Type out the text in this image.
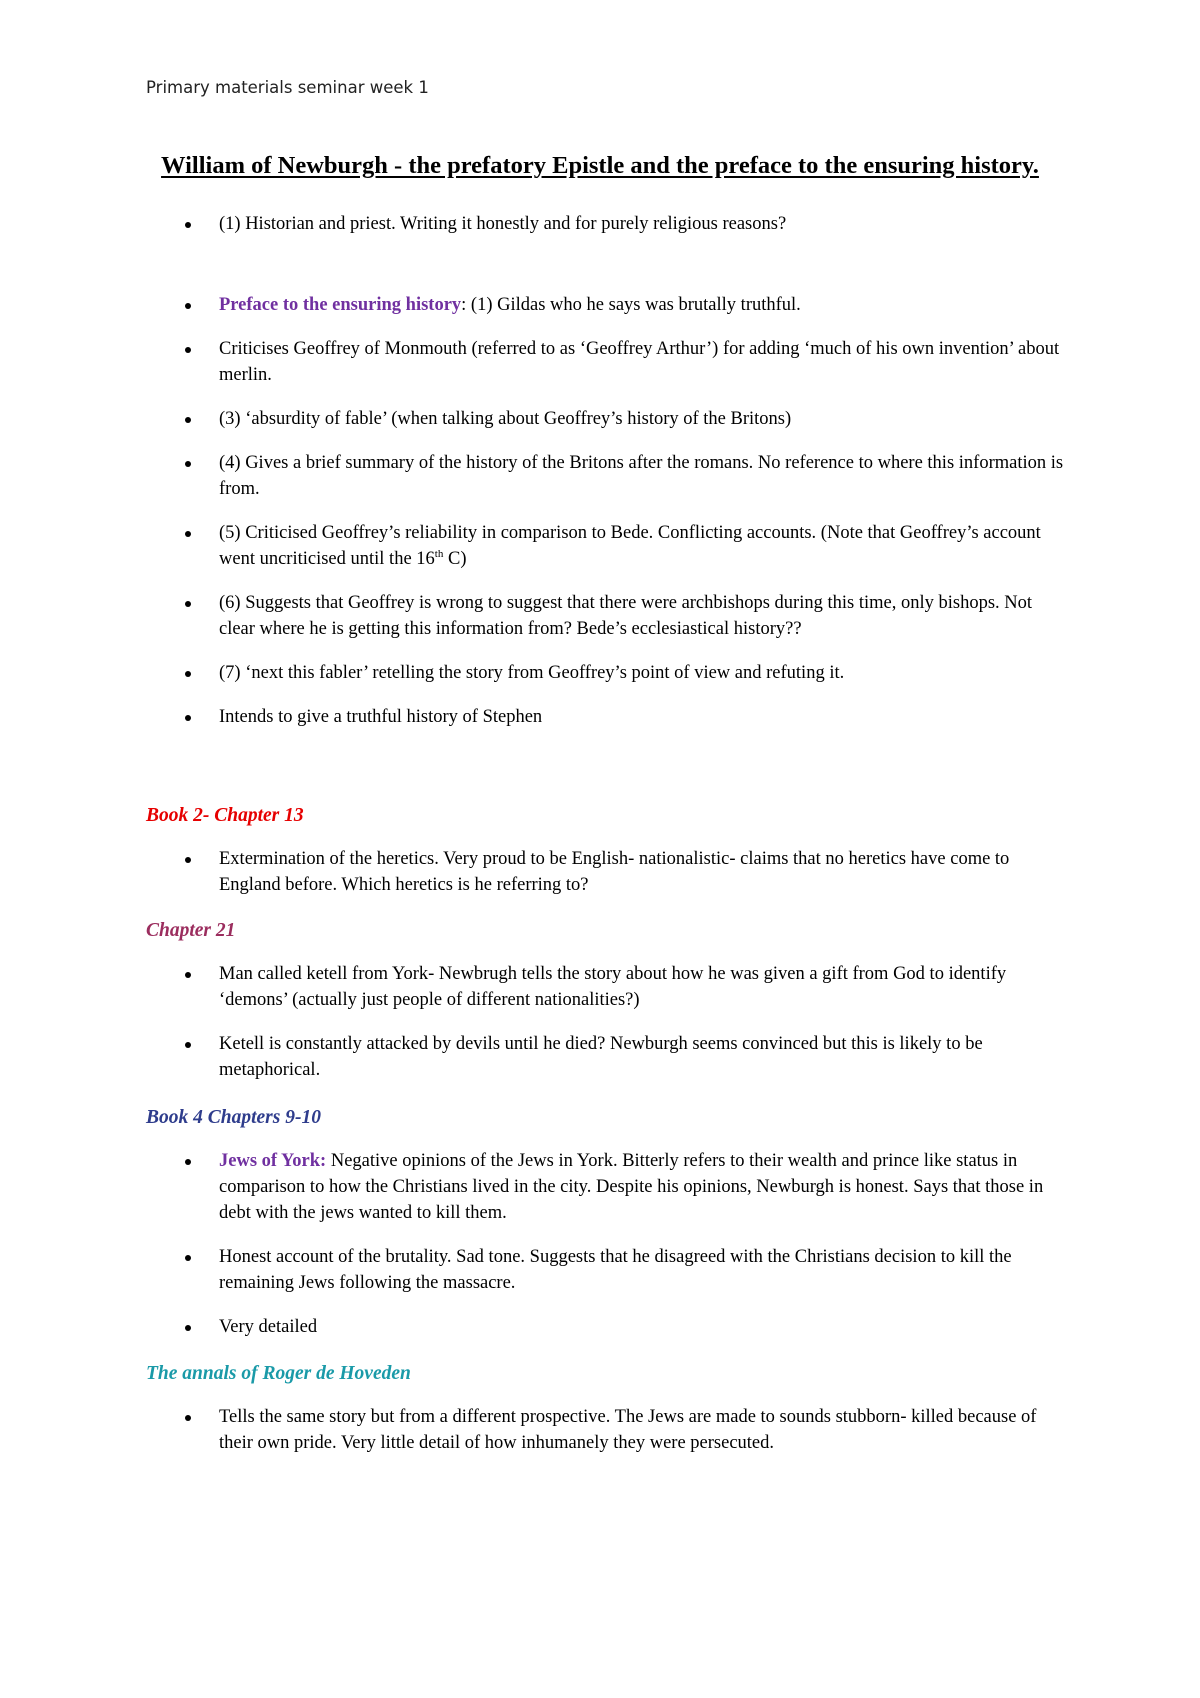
Primary materials seminar week 1
William of Newburgh - the prefatory Epistle and the preface to the ensuring history.
(1) Historian and priest. Writing it honestly and for purely religious reasons?
Preface to the ensuring history: (1) Gildas who he says was brutally truthful.
Criticises Geoffrey of Monmouth (referred to as ‘Geoffrey Arthur’) for adding ‘much of his own invention’ about merlin.
(3) ‘absurdity of fable’ (when talking about Geoffrey’s history of the Britons)
(4) Gives a brief summary of the history of the Britons after the romans. No reference to where this information is from.
(5) Criticised Geoffrey’s reliability in comparison to Bede. Conflicting accounts. (Note that Geoffrey’s account went uncriticised until the 16th C)
(6) Suggests that Geoffrey is wrong to suggest that there were archbishops during this time, only bishops. Not clear where he is getting this information from? Bede’s ecclesiastical history??
(7) ‘next this fabler’ retelling the story from Geoffrey’s point of view and refuting it.
Intends to give a truthful history of Stephen
Book 2- Chapter 13
Extermination of the heretics. Very proud to be English- nationalistic- claims that no heretics have come to England before. Which heretics is he referring to?
Chapter 21
Man called ketell from York- Newbrugh tells the story about how he was given a gift from God to identify ‘demons’ (actually just people of different nationalities?)
Ketell is constantly attacked by devils until he died? Newburgh seems convinced but this is likely to be metaphorical.
Book 4 Chapters 9-10
Jews of York: Negative opinions of the Jews in York. Bitterly refers to their wealth and prince like status in comparison to how the Christians lived in the city. Despite his opinions, Newburgh is honest. Says that those in debt with the jews wanted to kill them.
Honest account of the brutality. Sad tone. Suggests that he disagreed with the Christians decision to kill the remaining Jews following the massacre.
Very detailed
The annals of Roger de Hoveden
Tells the same story but from a different prospective. The Jews are made to sounds stubborn- killed because of their own pride. Very little detail of how inhumanely they were persecuted.
